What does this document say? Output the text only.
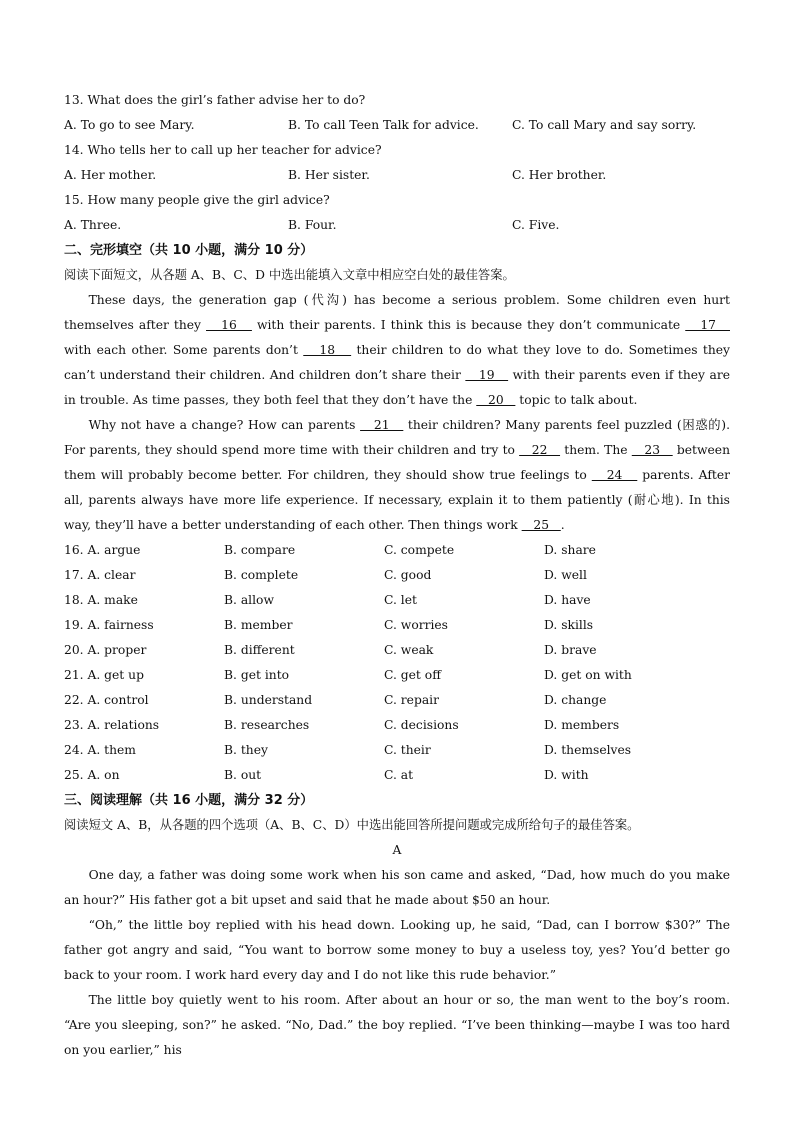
13. What does the girl’s father advise her to do?
A. To go to see Mary.	B. To call Teen Talk for advice.	C. To call Mary and say sorry.
14. Who tells her to call up her teacher for advice?
A. Her mother.	B. Her sister.	C. Her brother.
15. How many people give the girl advice?
A. Three.	B. Four.	C. Five.
二、完形填空（共 10 小题，满分 10 分）
阅读下面短文，从各题 A、B、C、D 中选出能填入文章中相应空白处的最佳答案。

These days, the generation gap (代沟) has become a serious problem. Some children even hurt themselves after they    16    with their parents. I think this is because they don’t communicate    17    with each other. Some parents don’t    18    their children to do what they love to do. Sometimes they can’t understand their children. And children don’t share their    19    with their parents even if they are in trouble. As time passes, they both feel that they don’t have the    20    topic to talk about.

Why not have a change? How can parents    21    their children? Many parents feel puzzled (困惑的). For parents, they should spend more time with their children and try to    22    them. The    23    between them will probably become better. For children, they should show true feelings to    24    parents. After all, parents always have more life experience. If necessary, explain it to them patiently (耐心地). In this way, they’ll have a better understanding of each other. Then things work    25   .

16. A. argue	B. compare	C. compete	D. share
17. A. clear	B. complete	C. good	D. well
18. A. make	B. allow	C. let	D. have
19. A. fairness	B. member	C. worries	D. skills
20. A. proper	B. different	C. weak	D. brave
21. A. get up	B. get into	C. get off	D. get on with
22. A. control	B. understand	C. repair	D. change
23. A. relations	B. researches	C. decisions	D. members
24. A. them	B. they	C. their	D. themselves
25. A. on	B. out	C. at	D. with
三、阅读理解（共 16 小题，满分 32 分）
阅读短文 A、B，从各题的四个选项（A、B、C、D）中选出能回答所提问题或完成所给句子的最佳答案。
A

One day, a father was doing some work when his son came and asked, “Dad, how much do you make an hour?” His father got a bit upset and said that he made about $50 an hour.

“Oh,” the little boy replied with his head down. Looking up, he said, “Dad, can I borrow $30?” The father got angry and said, “You want to borrow some money to buy a useless toy, yes? You’d better go back to your room. I work hard every day and I do not like this rude behavior.”

The little boy quietly went to his room. After about an hour or so, the man went to the boy’s room. “Are you sleeping, son?” he asked. “No, Dad.” the boy replied. “I’ve been thinking—maybe I was too hard on you earlier,” his
